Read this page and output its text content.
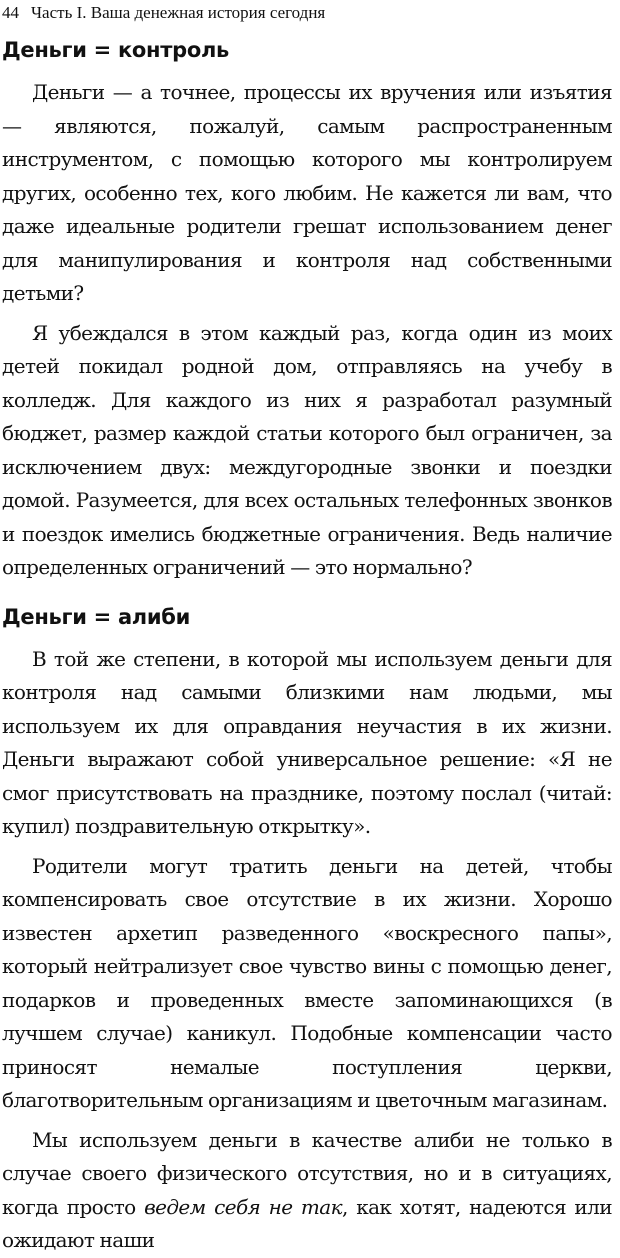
44 Часть I. Ваша денежная история сегодня
Деньги = контроль

Деньги — а точнее, процессы их вручения или изъятия — являются, пожалуй, самым распространенным инструментом, с помощью которого мы контролируем других, особенно тех, кого любим. Не кажется ли вам, что даже идеальные родители грешат использованием денег для манипулирования и контроля над собственными детьми?

Я убеждался в этом каждый раз, когда один из моих детей покидал родной дом, отправляясь на учебу в колледж. Для каждого из них я разработал разумный бюджет, размер каждой статьи которого был ограничен, за исключением двух: междугородные звонки и поездки домой. Разумеется, для всех остальных телефонных звонков и поездок имелись бюджетные ограничения. Ведь наличие определенных ограничений — это нормально?

Деньги = алиби

В той же степени, в которой мы используем деньги для контроля над самыми близкими нам людьми, мы используем их для оправдания неучастия в их жизни. Деньги выражают собой универсальное решение: «Я не смог присутствовать на празднике, поэтому послал (читай: купил) поздравительную открытку».

Родители могут тратить деньги на детей, чтобы компенсировать свое отсутствие в их жизни. Хорошо известен архетип разведенного «воскресного папы», который нейтрализует свое чувство вины с помощью денег, подарков и проведенных вместе запоминающихся (в лучшем случае) каникул. Подобные компенсации часто приносят немалые поступления церкви, благотворительным организациям и цветочным магазинам.

Мы используем деньги в качестве алиби не только в случае своего физического отсутствия, но и в ситуациях, когда просто ведем себя не так, как хотят, надеются или ожидают наши
